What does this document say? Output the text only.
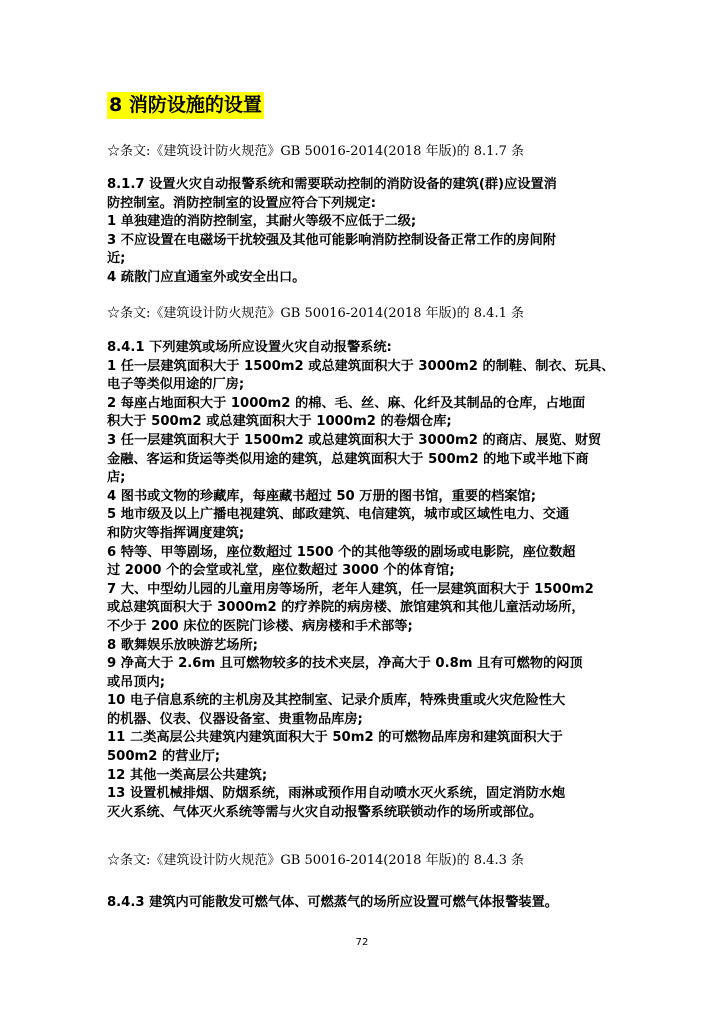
8 消防设施的设置
☆条文:《建筑设计防火规范》GB 50016-2014(2018 年版)的 8.1.7 条
8.1.7 设置火灾自动报警系统和需要联动控制的消防设备的建筑(群)应设置消
防控制室。消防控制室的设置应符合下列规定:
1 单独建造的消防控制室，其耐火等级不应低于二级;
3 不应设置在电磁场干扰较强及其他可能影响消防控制设备正常工作的房间附
近;
4 疏散门应直通室外或安全出口。
☆条文:《建筑设计防火规范》GB 50016-2014(2018 年版)的 8.4.1 条
8.4.1 下列建筑或场所应设置火灾自动报警系统:
1 任一层建筑面积大于 1500m2 或总建筑面积大于 3000m2 的制鞋、制衣、玩具、
电子等类似用途的厂房;
2 每座占地面积大于 1000m2 的棉、毛、丝、麻、化纤及其制品的仓库，占地面
积大于 500m2 或总建筑面积大于 1000m2 的卷烟仓库;
3 任一层建筑面积大于 1500m2 或总建筑面积大于 3000m2 的商店、展览、财贸
金融、客运和货运等类似用途的建筑，总建筑面积大于 500m2 的地下或半地下商
店;
4 图书或文物的珍藏库，每座藏书超过 50 万册的图书馆，重要的档案馆;
5 地市级及以上广播电视建筑、邮政建筑、电信建筑，城市或区域性电力、交通
和防灾等指挥调度建筑;
6 特等、甲等剧场，座位数超过 1500 个的其他等级的剧场或电影院，座位数超
过 2000 个的会堂或礼堂，座位数超过 3000 个的体育馆;
7 大、中型幼儿园的儿童用房等场所，老年人建筑，任一层建筑面积大于 1500m2
或总建筑面积大于 3000m2 的疗养院的病房楼、旅馆建筑和其他儿童活动场所，
不少于 200 床位的医院门诊楼、病房楼和手术部等;
8 歌舞娱乐放映游艺场所;
9 净高大于 2.6m 且可燃物较多的技术夹层，净高大于 0.8m 且有可燃物的闷顶
或吊顶内;
10 电子信息系统的主机房及其控制室、记录介质库，特殊贵重或火灾危险性大
的机器、仪表、仪器设备室、贵重物品库房;
11 二类高层公共建筑内建筑面积大于 50m2 的可燃物品库房和建筑面积大于
500m2 的营业厅;
12 其他一类高层公共建筑;
13 设置机械排烟、防烟系统，雨淋或预作用自动喷水灭火系统，固定消防水炮
灭火系统、气体灭火系统等需与火灾自动报警系统联锁动作的场所或部位。
☆条文:《建筑设计防火规范》GB 50016-2014(2018 年版)的 8.4.3 条
8.4.3 建筑内可能散发可燃气体、可燃蒸气的场所应设置可燃气体报警装置。
72
